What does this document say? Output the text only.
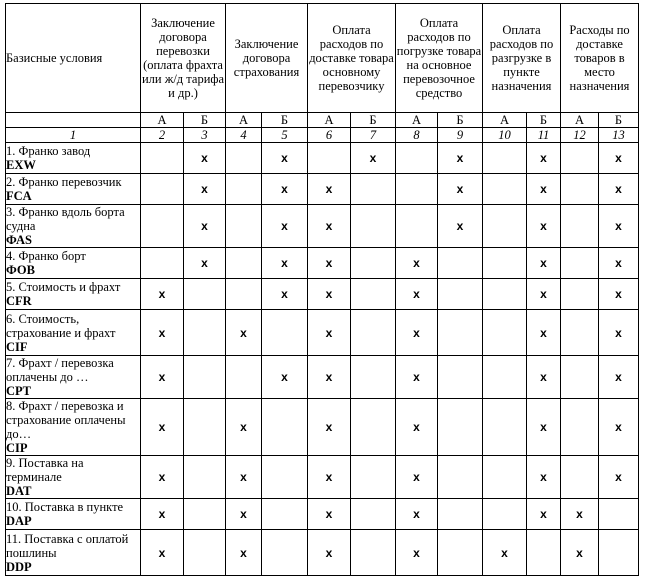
Базисные условия	Заключение договора перевозки (оплата фрахта или ж/д тарифа и др.)		Заключение договора страхования		Оплата расходов по доставке товара основному перевозчику		Оплата расходов по погрузке товара на основное перевозочное средство		Оплата расходов по разгрузке в пункте назначения		Расходы по доставке товаров в место назначения	
	А	Б	А	Б	А	Б	А	Б	А	Б	А	Б
1	2	3	4	5	6	7	8	9	10	11	12	13
1. Франко завод
EXW		x		x		x		x		x		x
2. Франко перевозчик
FCA		x		x	x			x		x		x
3. Франко вдоль борта судна
ФАS		x		x	x			x		x		x
4. Франко борт
ФОВ		x		x	x		x			x		x
5. Стоимость и фрахт
CFR	x			x	x		x			x		x
6. Стоимость, страхование и фрахт
CIF	x		x		x		x			x		x
7. Фрахт / перевозка оплачены до …
CPT	x			x	x		x			x		x
8. Фрахт / перевозка и страхование оплачены до…
CIP	x		x		x		x			x		x
9. Поставка на терминале
DAT	x		x		x		x			x		x
10. Поставка в пункте
DAP	x		x		x		x			x	x	
11. Поставка с оплатой пошлины
DDP	x		x		x		x		x		x	
